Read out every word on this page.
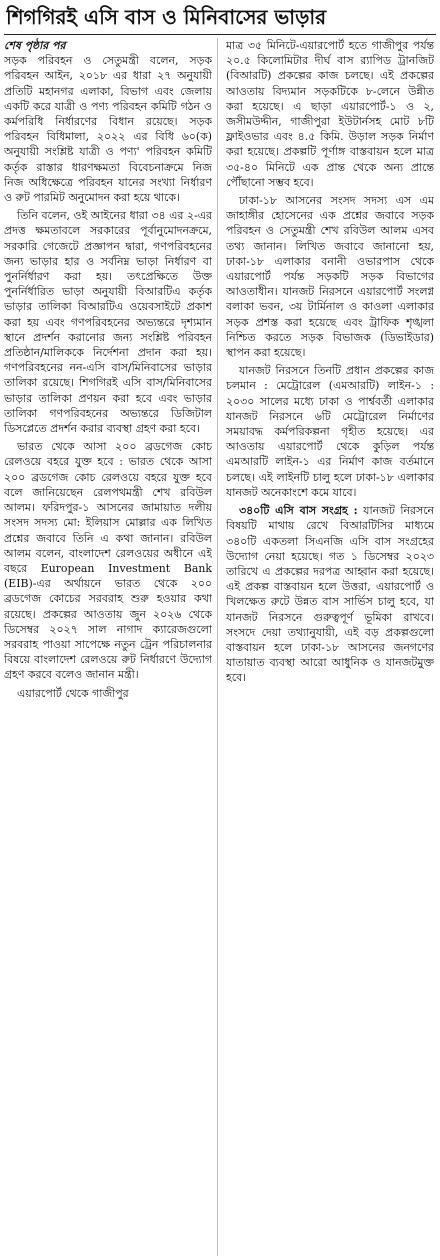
শিগগিরই এসি বাস ও মিনিবাসের ভাড়ার

শেষ পৃষ্ঠার পর
সড়ক পরিবহন ও সেতুমন্ত্রী বলেন, সড়ক পরিবহন আইন, ২০১৮ এর ধারা ২৭ অনুযায়ী প্রতিটি মহানগর এলাকা, বিভাগ এবং জেলায় একটি করে যাত্রী ও পণ্য পরিবহন কমিটি গঠন ও কর্মপরিধি নির্ধারণের বিধান রয়েছে। সড়ক পরিবহন বিধিমালা, ২০২২ এর বিধি ৬০(ক) অনুযায়ী সংশ্লিষ্ট যাত্রী ও পণ্য' পরিবহন কমিটি কর্তৃক রাস্তার ধারণক্ষমতা বিবেচনাক্রমে নিজ নিজ অধিক্ষেত্রে পরিবহন যানের সংখ্যা নির্ধারণ ও রুট পারমিট অনুমোদন করা হয়ে থাকে।

তিনি বলেন, ওই আইনের ধারা ৩৪ এর ২-এর প্রদত্ত ক্ষমতাবলে সরকারের পূর্বানুমোদনক্রমে, সরকারি গেজেটে প্রজ্ঞাপন দ্বারা, গণপরিবহনের জন্য ভাড়ার হার ও সর্বনিম্ন ভাড়া নির্ধারণ বা পুনর্নির্ধারণ করা হয়। তৎপ্রেক্ষিতে উক্ত পুনর্নির্ধারিত ভাড়া অনুযায়ী বিআরটিএ কর্তৃক ভাড়ার তালিকা বিআরটিএ ওয়েবসাইটে প্রকাশ করা হয় এবং গণপরিবহনের অভ্যন্তরে দৃশ্যমান স্থানে প্রদর্শন করানোর জন্য সংশ্লিষ্ট পরিবহন প্রতিষ্ঠান/মালিককে নির্দেশনা প্রদান করা হয়। গণপরিবহনের নন-এসি বাস/মিনিবাসের ভাড়ার তালিকা রয়েছে। শিগগিরই এসি বাস/মিনিবাসের ভাড়ার তালিকা প্রণয়ন করা হবে এবং ভাড়ার তালিকা গণপরিবহনের অভ্যন্তরে ডিজিটাল ডিসপ্লেতে প্রদর্শন করার ব্যবস্থা গ্রহণ করা হবে।

ভারত থেকে আসা ২০০ ব্রডগেজ কোচ রেলওয়ে বহরে যুক্ত হবে : ভারত থেকে আসা ২০০ ব্রডগেজ কোচ রেলওয়ে বহরে যুক্ত হবে বলে জানিয়েছেন রেলপথমন্ত্রী শেখ রবিউল আলম। ফরিদপুর-১ আসনের জামায়াত দলীয় সংসদ সদস্য মো: ইলিয়াস মোল্লার এক লিখিত প্রশ্নের জবাবে তিনি এ কথা জানান। রবিউল আলম বলেন, বাংলাদেশ রেলওয়ের অধীনে এই বছরে European Investment Bank (EIB)-এর অর্থায়নে ভারত থেকে ২০০ ব্রডগেজ কোচের সরবরাহ শুরু হওয়ার কথা রয়েছে। প্রকল্পের আওতায় জুন ২০২৬ থেকে ডিসেম্বর ২০২৭ সাল নাগাদ ক্যারেজগুলো সরবরাহ পাওয়া সাপেক্ষে নতুন ট্রেন পরিচালনার বিষয়ে বাংলাদেশ রেলওয়ে রুট নির্ধারণে উদ্যোগ গ্রহণ করবে বলেও জানান মন্ত্রী।

এয়ারপোর্ট থেকে গাজীপুর

মাত্র ৩৫ মিনিটে-এয়ারপোর্ট হতে গাজীপুর পর্যন্ত ২০.৫ কিলোমিটার দীর্ঘ বাস র‌্যাপিড ট্রানজিট (বিআরটি) প্রকল্পের কাজ চলছে। এই প্রকল্পের আওতায় বিদ্যমান সড়কটিকে ৮-লেনে উন্নীত করা হয়েছে। এ ছাড়া এয়ারপোর্ট-১ ও ২, জসীমউদ্দীন, গাজীপুরা ইউটার্নসহ মোট ৮টি ফ্লাইওভার এবং ৪.৫ কিমি. উড়াল সড়ক নির্মাণ করা হয়েছে। প্রকল্পটি পূর্ণাঙ্গ বাস্তবায়ন হলে মাত্র ৩৫-৪০ মিনিটে এক প্রান্ত থেকে অন্য প্রান্তে পৌঁছানো সম্ভব হবে।

ঢাকা-১৮ আসনের সংসদ সদস্য এস এম জাহাঙ্গীর হোসেনের এক প্রশ্নের জবাবে সড়ক পরিবহন ও সেতুমন্ত্রী শেখ রবিউল আলম এসব তথ্য জানান। লিখিত জবাবে জানানো হয়, ঢাকা-১৮ এলাকার বনানী ওভারপাস থেকে এয়ারপোর্ট পর্যন্ত সড়কটি সড়ক বিভাগের আওতাধীন। যানজট নিরসনে এয়ারপোর্ট সংলগ্ন বলাকা ভবন, ৩য় টার্মিনাল ও কাওলা এলাকার সড়ক প্রশস্ত করা হয়েছে এবং ট্রাফিক শৃঙ্খলা নিশ্চিত করতে সড়ক বিভাজক (ডিভাইডার) স্থাপন করা হয়েছে।

যানজট নিরসনে তিনটি প্রধান প্রকল্পের কাজ চলমান : মেট্রোরেল (এমআরটি) লাইন-১ : ২০৩০ সালের মধ্যে ঢাকা ও পার্শ্ববর্তী এলাকার যানজট নিরসনে ৬টি মেট্রোরেল নির্মাণের সময়াবদ্ধ কর্মপরিকল্পনা গৃহীত হয়েছে। এর আওতায় এয়ারপোর্ট থেকে কুড়িল পর্যন্ত এমআরটি লাইন-১ এর নির্মাণ কাজ বর্তমানে চলছে। এই লাইনটি চালু হলে ঢাকা-১৮ এলাকার যানজট অনেকাংশে কমে যাবে।

৩৪০টি এসি বাস সংগ্রহ : যানজট নিরসনে বিষয়টি মাথায় রেখে বিআরটিসির মাধ্যমে ৩৪০টি একতলা সিএনজি এসি বাস সংগ্রহের উদ্যোগ নেয়া হয়েছে। গত ১ ডিসেম্বর ২০২৩ তারিখে এ প্রকল্পের দরপত্র আহ্বান করা হয়েছে। এই প্রকল্প বাস্তবায়ন হলে উত্তরা, এয়ারপোর্ট ও খিলক্ষেত রুটে উন্নত বাস সার্ভিস চালু হবে, যা যানজট নিরসনে গুরুত্বপূর্ণ ভূমিকা রাখবে। সংসদে দেয়া তথ্যানুযায়ী, এই বড় প্রকল্পগুলো বাস্তবায়ন হলে ঢাকা-১৮ আসনের জনগণের যাতায়াত ব্যবস্থা আরো আধুনিক ও যানজটমুক্ত হবে।
